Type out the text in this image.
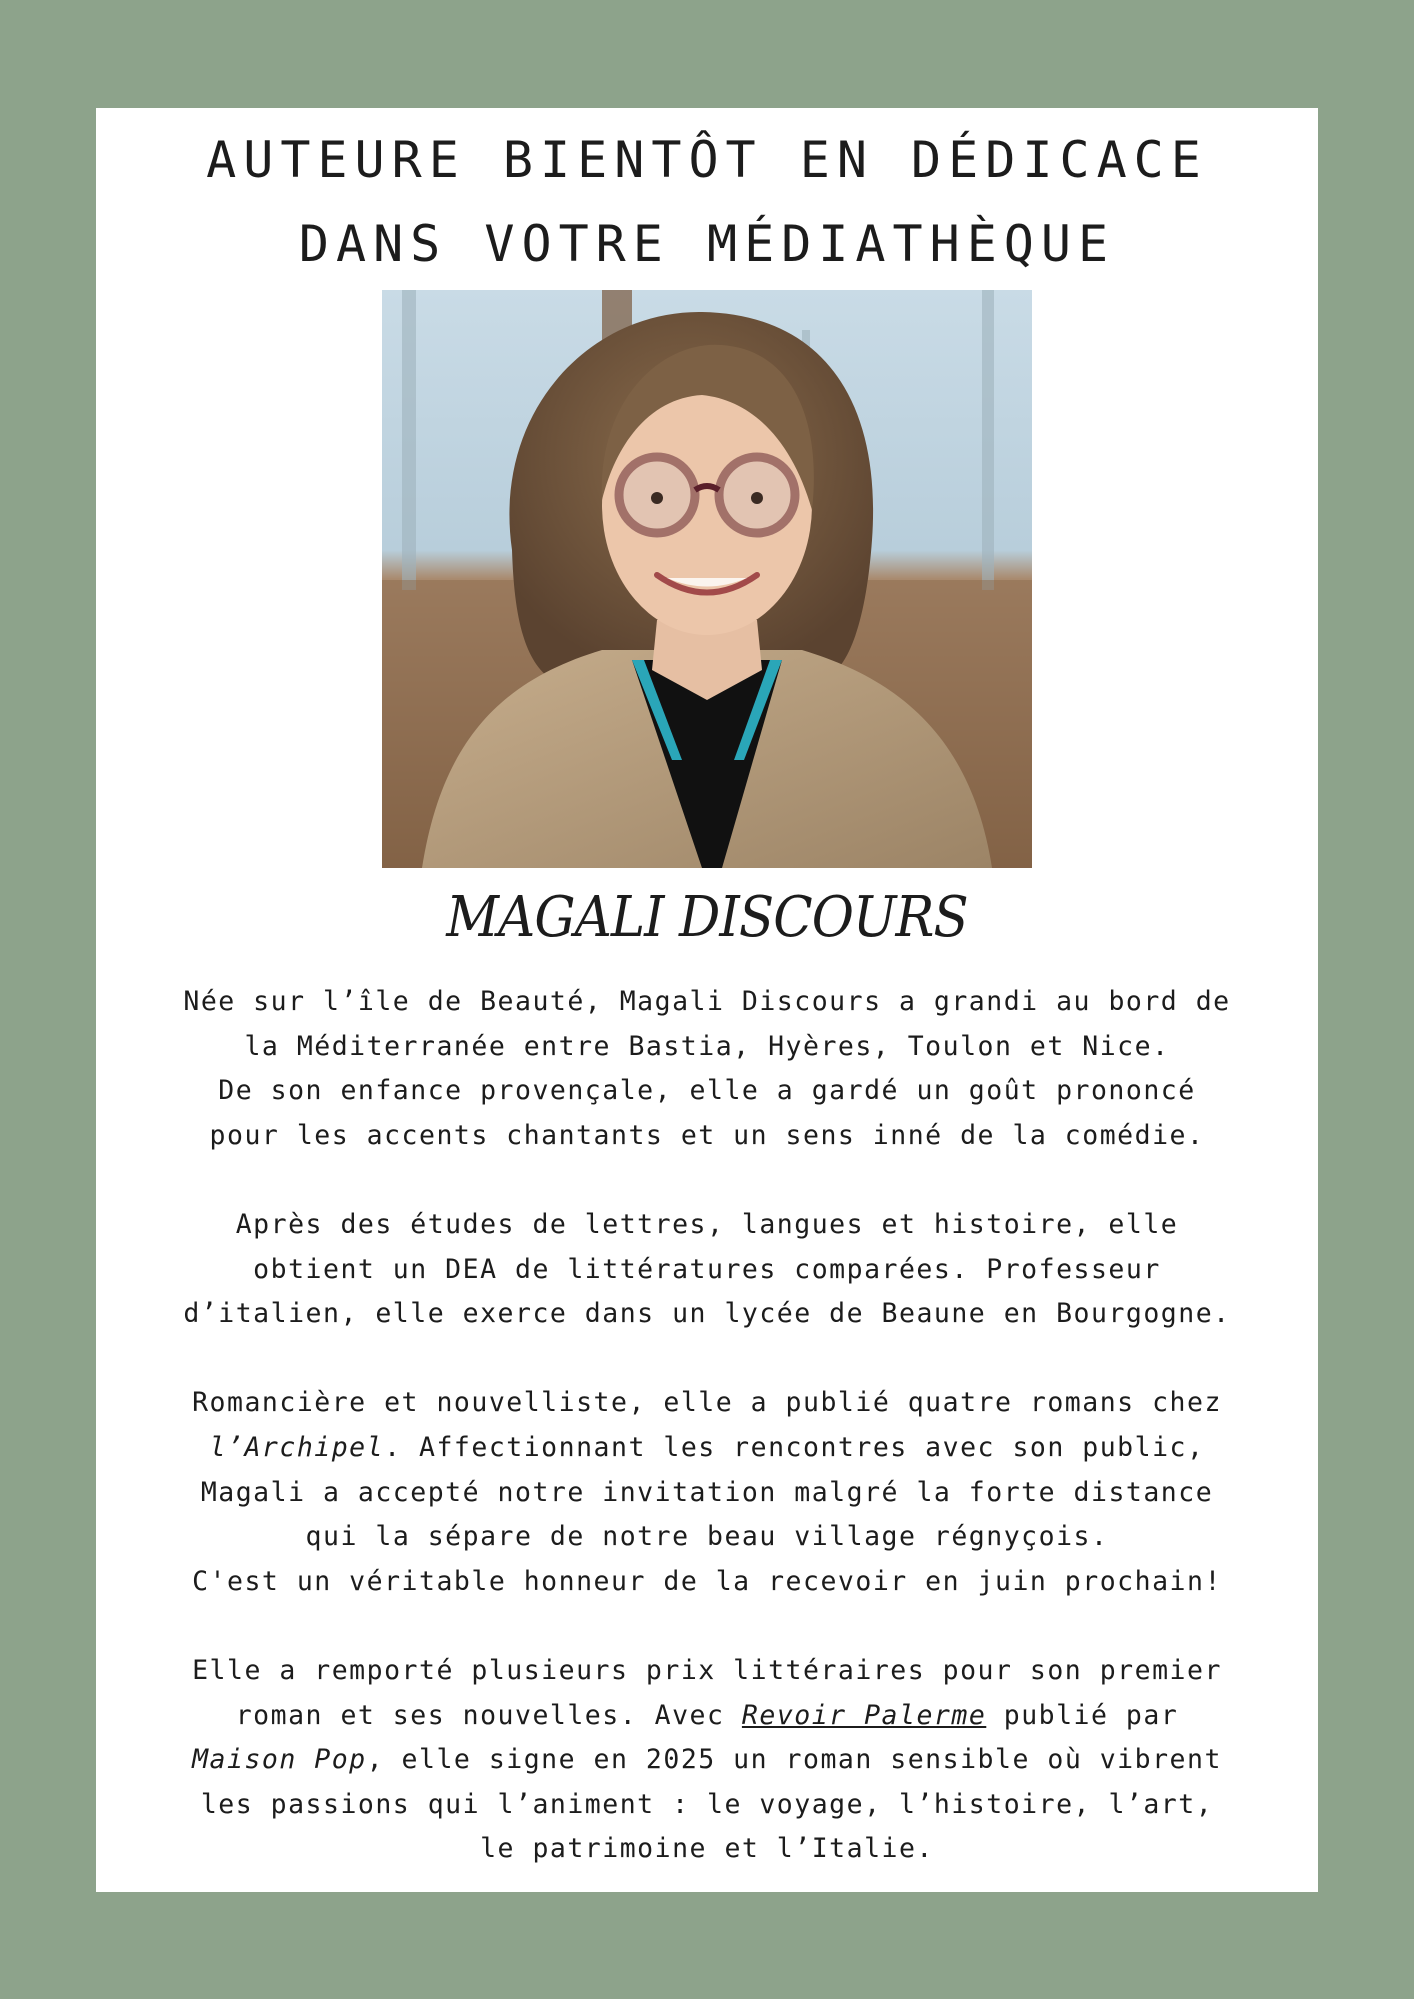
AUTEURE BIENTÔT EN DÉDICACE
DANS VOTRE MÉDIATHÈQUE
MAGALI DISCOURS

Née sur l’île de Beauté, Magali Discours a grandi au bord de
la Méditerranée entre Bastia, Hyères, Toulon et Nice.
De son enfance provençale, elle a gardé un goût prononcé
pour les accents chantants et un sens inné de la comédie.

Après des études de lettres, langues et histoire, elle
obtient un DEA de littératures comparées. Professeur
d’italien, elle exerce dans un lycée de Beaune en Bourgogne.

Romancière et nouvelliste, elle a publié quatre romans chez
l’Archipel. Affectionnant les rencontres avec son public,
Magali a accepté notre invitation malgré la forte distance
qui la sépare de notre beau village régnyçois.
C'est un véritable honneur de la recevoir en juin prochain!

Elle a remporté plusieurs prix littéraires pour son premier
roman et ses nouvelles. Avec Revoir Palerme publié par
Maison Pop, elle signe en 2025 un roman sensible où vibrent
les passions qui l’animent : le voyage, l’histoire, l’art,
le patrimoine et l’Italie.
